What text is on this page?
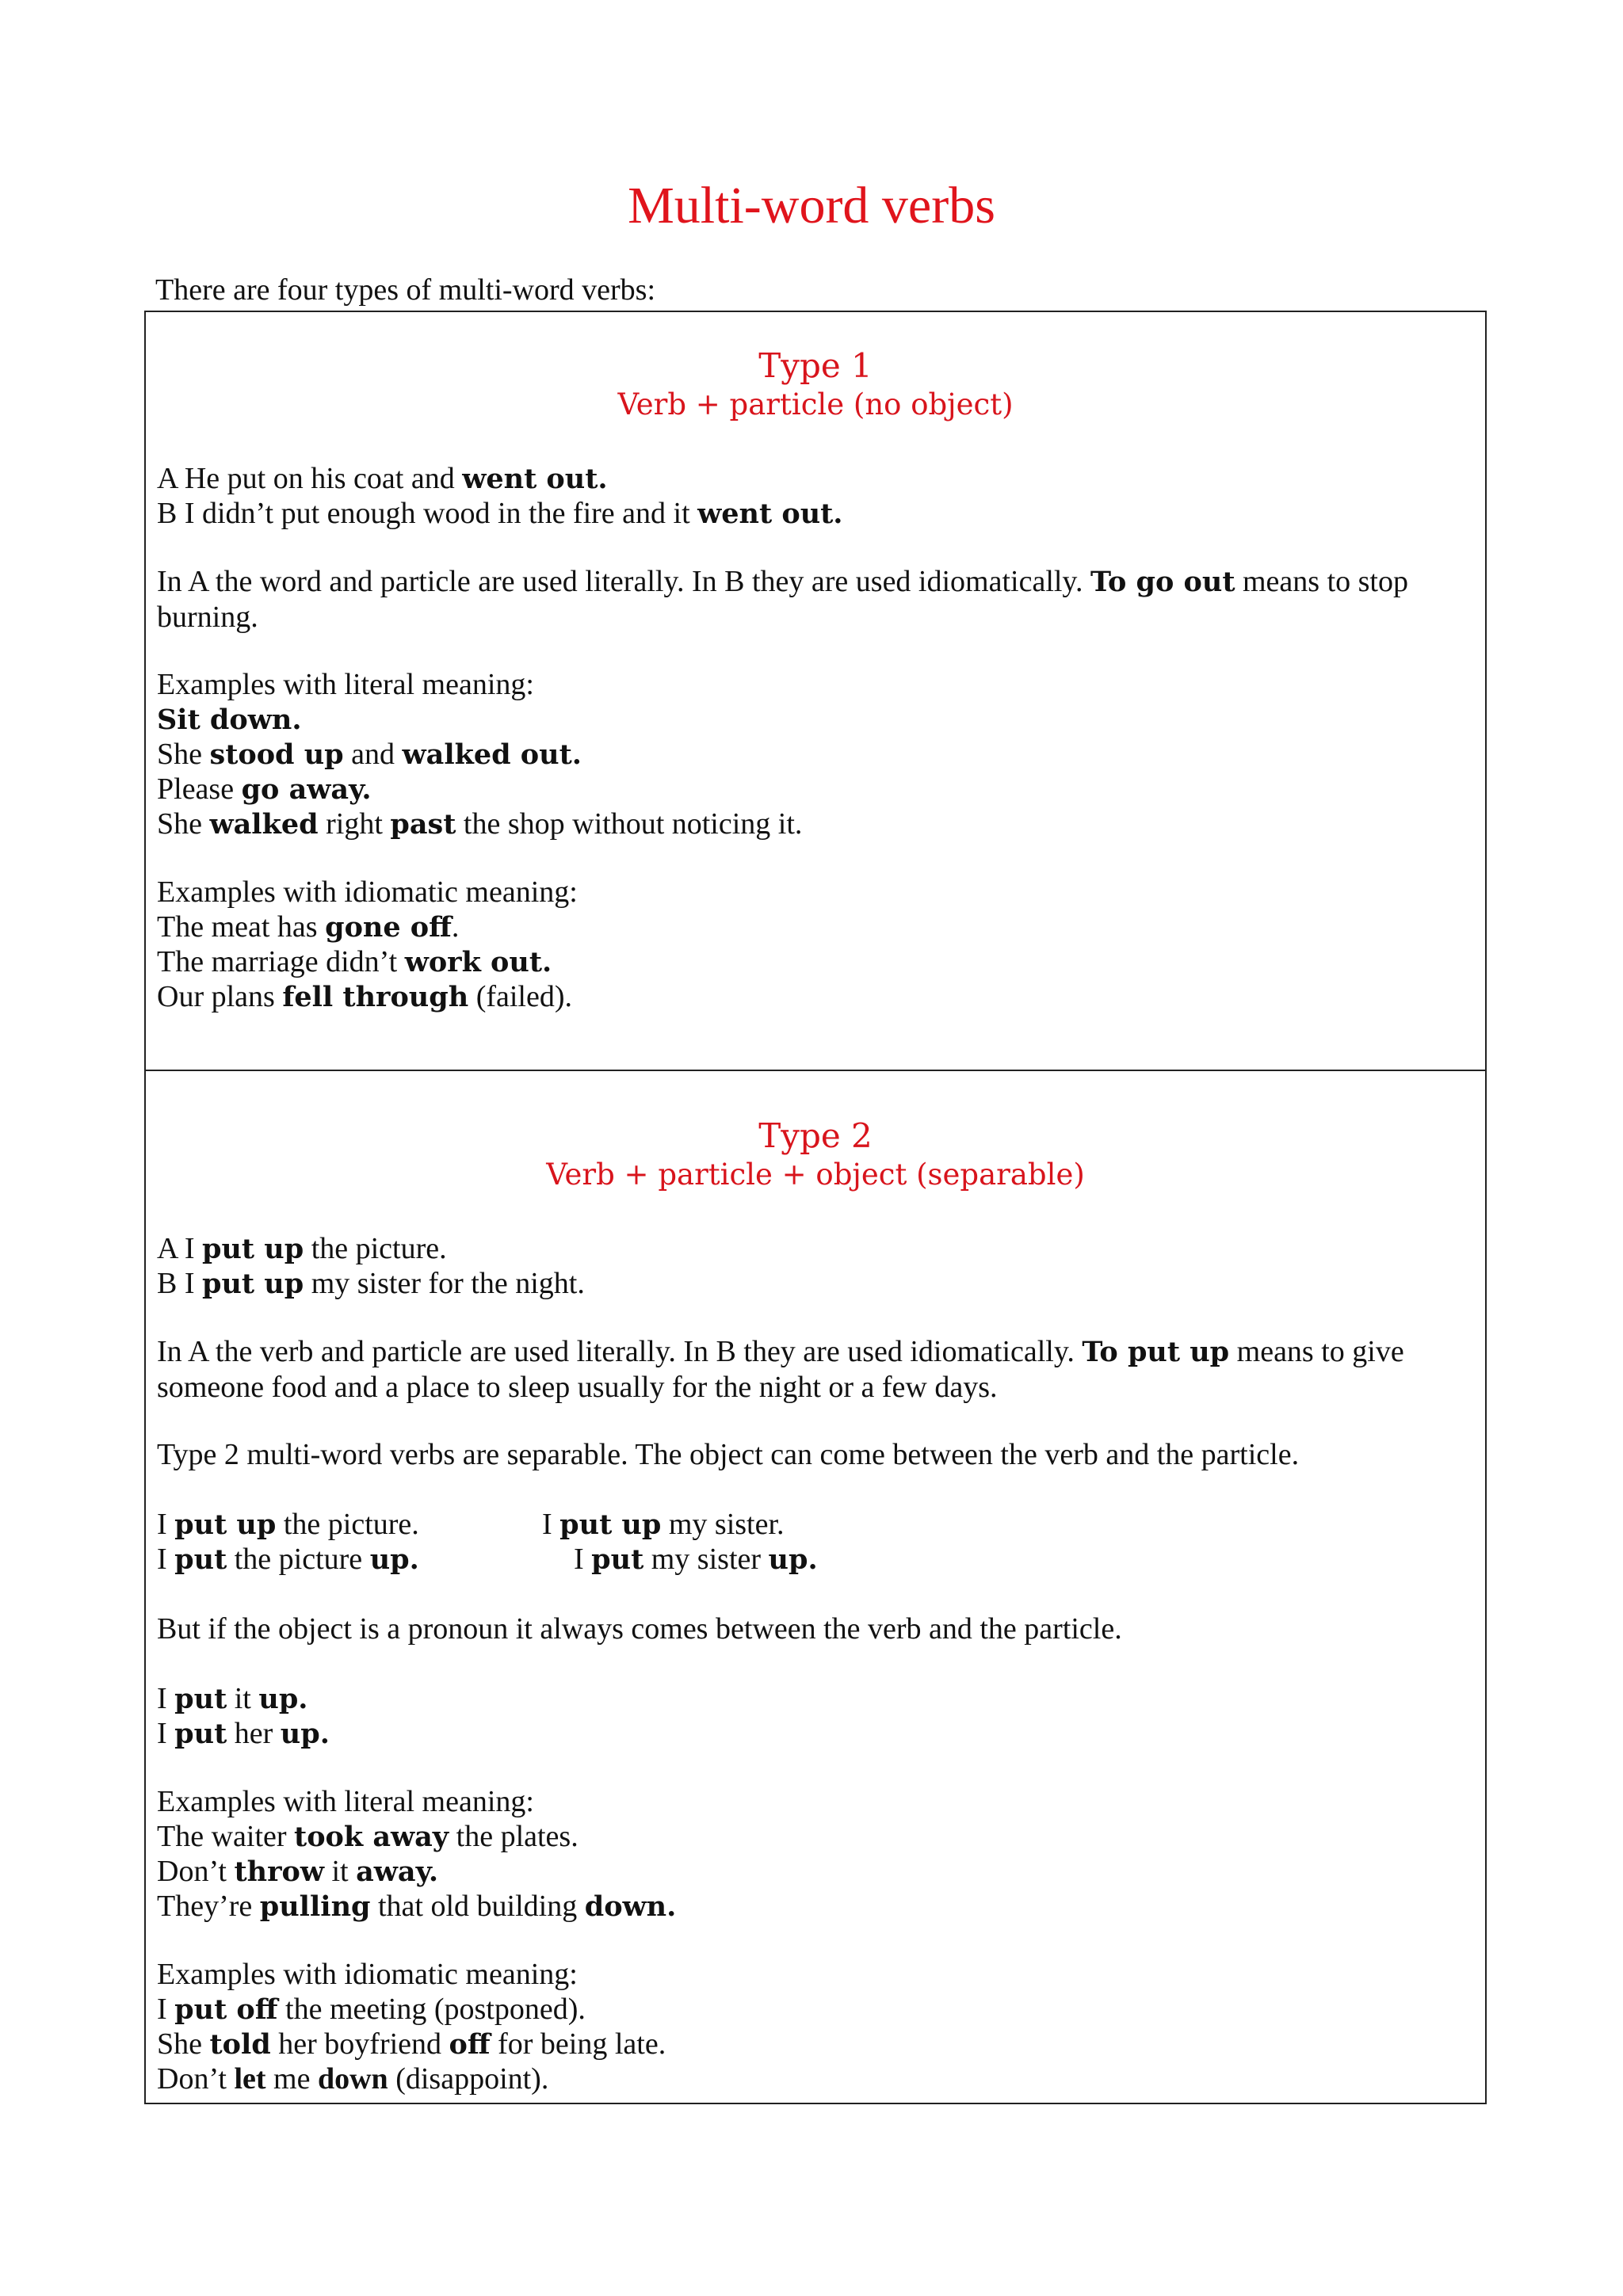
Multi-word verbs
There are four types of multi-word verbs:
Type 1
Verb + particle (no object)
A He put on his coat and went out.
B I didn’t put enough wood in the fire and it went out.
In A the word and particle are used literally. In B they are used idiomatically. To go out means to stop burning.
Examples with literal meaning:
Sit down.
She stood up and walked out.
Please go away.
She walked right past the shop without noticing it.
Examples with idiomatic meaning:
The meat has gone off.
The marriage didn’t work out.
Our plans fell through (failed).
Type 2
Verb + particle + object (separable)
A I put up the picture.
B I put up my sister for the night.
In A the verb and particle are used literally. In B they are used idiomatically. To put up means to give someone food and a place to sleep usually for the night or a few days.
Type 2 multi-word verbs are separable. The object can come between the verb and the particle.
I put up the picture.	I put up my sister.
I put the picture up.	I put my sister up.
But if the object is a pronoun it always comes between the verb and the particle.
I put it up.
I put her up.
Examples with literal meaning:
The waiter took away the plates.
Don’t throw it away.
They’re pulling that old building down.
Examples with idiomatic meaning:
I put off the meeting (postponed).
She told her boyfriend off for being late.
Don’t let me down (disappoint).
